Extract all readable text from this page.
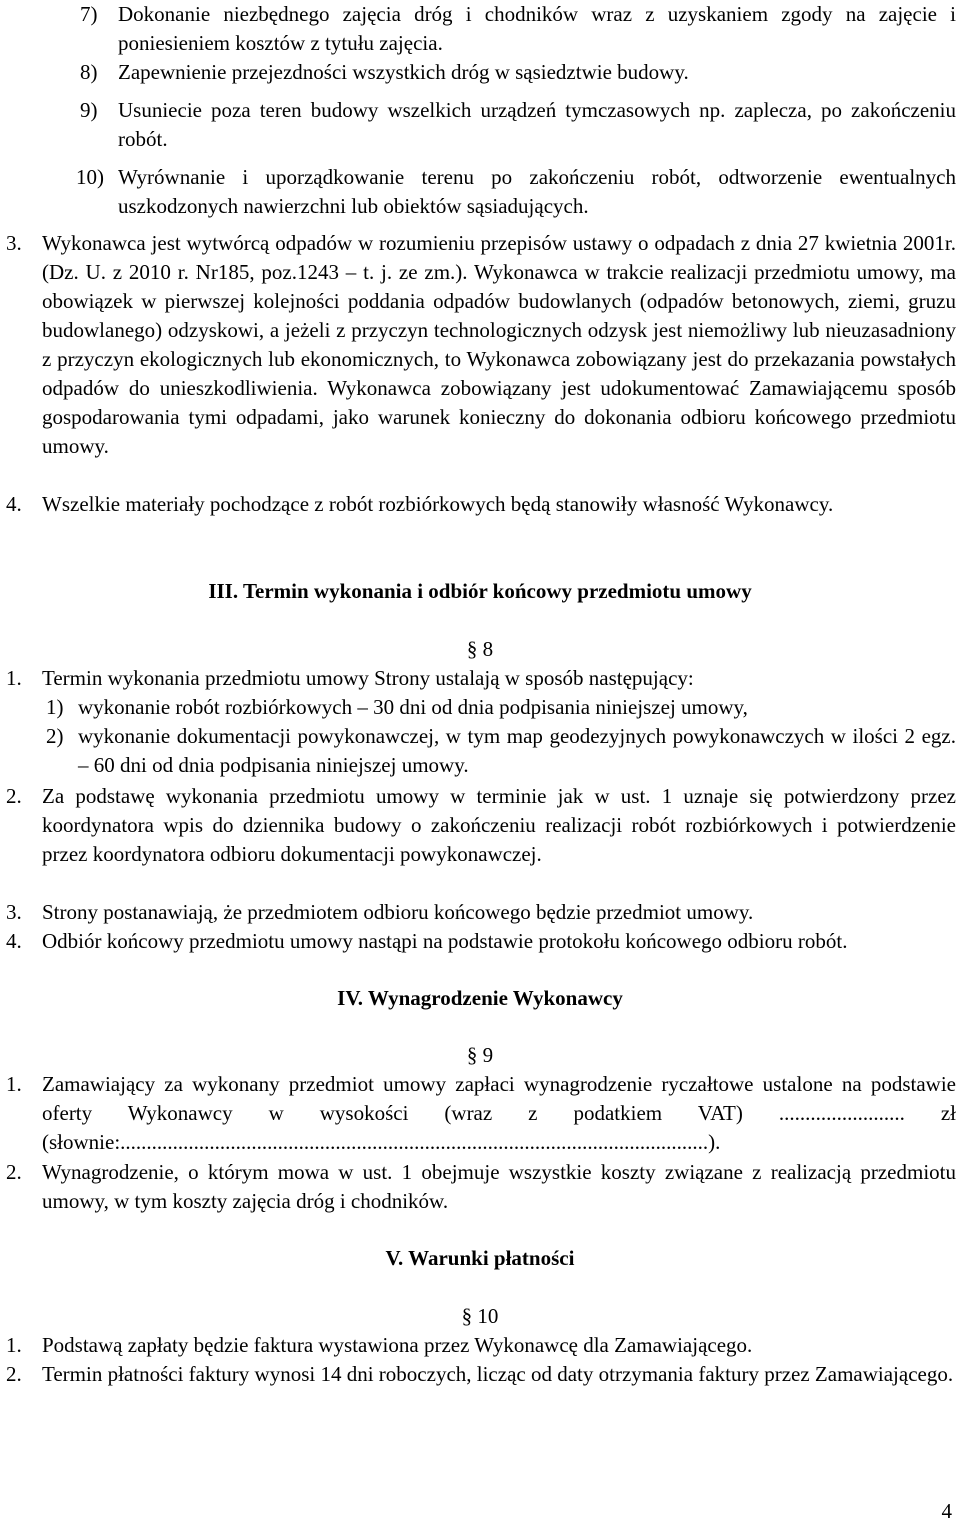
7) Dokonanie niezbędnego zajęcia dróg i chodników wraz z uzyskaniem zgody na zajęcie i poniesieniem kosztów z tytułu zajęcia.
8) Zapewnienie przejezdności wszystkich dróg w sąsiedztwie budowy.
9) Usuniecie poza teren budowy wszelkich urządzeń tymczasowych np. zaplecza, po zakończeniu robót.
10) Wyrównanie i uporządkowanie terenu po zakończeniu robót, odtworzenie ewentualnych uszkodzonych nawierzchni lub obiektów sąsiadujących.
3. Wykonawca jest wytwórcą odpadów w rozumieniu przepisów ustawy o odpadach z dnia 27 kwietnia 2001r. (Dz. U. z 2010 r. Nr185, poz.1243 – t. j. ze zm.). Wykonawca w trakcie realizacji przedmiotu umowy, ma obowiązek w pierwszej kolejności poddania odpadów budowlanych (odpadów betonowych, ziemi, gruzu budowlanego) odzyskowi, a jeżeli z przyczyn technologicznych odzysk jest niemożliwy lub nieuzasadniony z przyczyn ekologicznych lub ekonomicznych, to Wykonawca zobowiązany jest do przekazania powstałych odpadów do unieszkodliwienia. Wykonawca zobowiązany jest udokumentować Zamawiającemu sposób gospodarowania tymi odpadami, jako warunek konieczny do dokonania odbioru końcowego przedmiotu umowy.
4. Wszelkie materiały pochodzące z robót rozbiórkowych będą stanowiły własność Wykonawcy.
III. Termin wykonania i odbiór końcowy przedmiotu umowy
§ 8
1. Termin wykonania przedmiotu umowy Strony ustalają w sposób następujący:
1) wykonanie robót rozbiórkowych – 30 dni od dnia podpisania niniejszej umowy,
2) wykonanie dokumentacji powykonawczej, w tym map geodezyjnych powykonawczych w ilości 2 egz. – 60 dni od dnia podpisania niniejszej umowy.
2. Za podstawę wykonania przedmiotu umowy w terminie jak w ust. 1 uznaje się potwierdzony przez koordynatora wpis do dziennika budowy o zakończeniu realizacji robót rozbiórkowych i potwierdzenie przez koordynatora odbioru dokumentacji powykonawczej.
3. Strony postanawiają, że przedmiotem odbioru końcowego będzie przedmiot umowy.
4. Odbiór końcowy przedmiotu umowy nastąpi na podstawie protokołu końcowego odbioru robót.
IV. Wynagrodzenie Wykonawcy
§ 9
1. Zamawiający za wykonany przedmiot umowy zapłaci wynagrodzenie ryczałtowe ustalone na podstawie oferty Wykonawcy w wysokości (wraz z podatkiem VAT) ........................ zł (słownie:................................................................................................................).
2. Wynagrodzenie, o którym mowa w ust. 1 obejmuje wszystkie koszty związane z realizacją przedmiotu umowy, w tym koszty zajęcia dróg i chodników.
V. Warunki płatności
§ 10
1. Podstawą zapłaty będzie faktura wystawiona przez Wykonawcę dla Zamawiającego.
2. Termin płatności faktury wynosi 14 dni roboczych, licząc od daty otrzymania faktury przez Zamawiającego.
4
